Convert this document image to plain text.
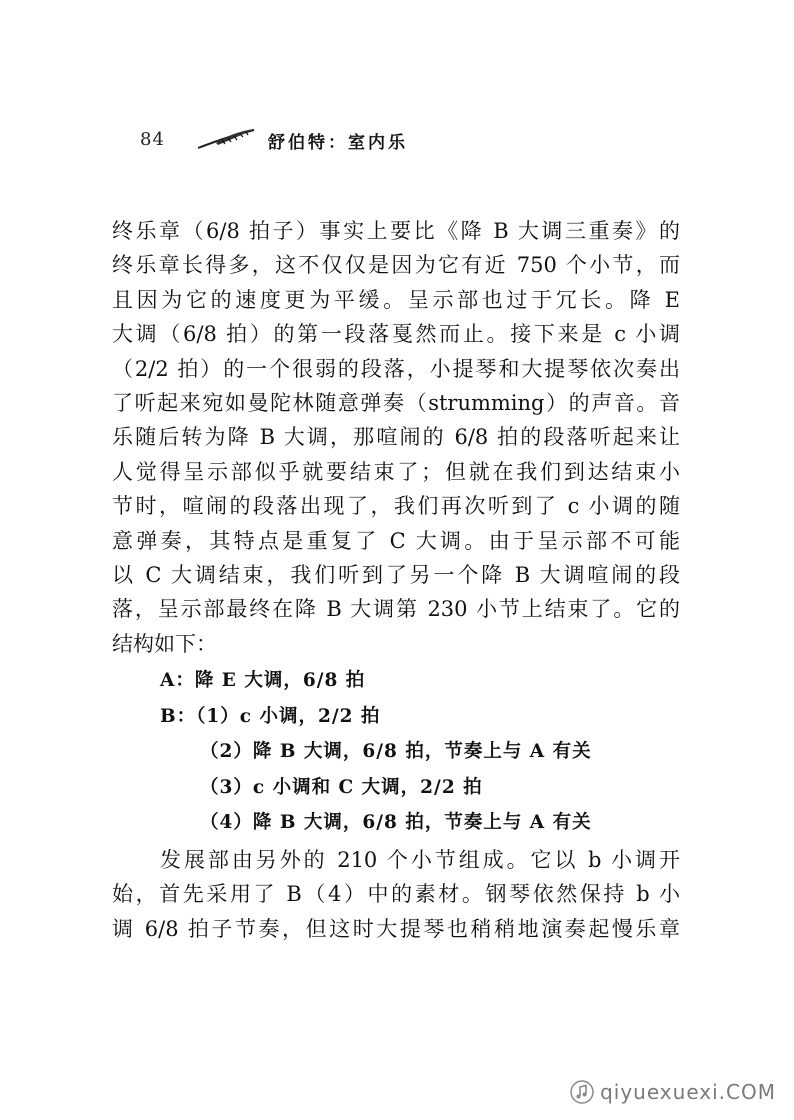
84	舒伯特：室内乐
终乐章（6/8 拍子）事实上要比《降 B 大调三重奏》的
终乐章长得多，这不仅仅是因为它有近 750 个小节，而
且因为它的速度更为平缓。呈示部也过于冗长。降 E
大调（6/8 拍）的第一段落戛然而止。接下来是 c 小调
（2/2 拍）的一个很弱的段落，小提琴和大提琴依次奏出
了听起来宛如曼陀林随意弹奏（strumming）的声音。音
乐随后转为降 B 大调，那喧闹的 6/8 拍的段落听起来让
人觉得呈示部似乎就要结束了；但就在我们到达结束小
节时，喧闹的段落出现了，我们再次听到了 c 小调的随
意弹奏，其特点是重复了 C 大调。由于呈示部不可能
以 C 大调结束，我们听到了另一个降 B 大调喧闹的段
落，呈示部最终在降 B 大调第 230 小节上结束了。它的
结构如下：
A：降 E 大调，6/8 拍
B：（1）c 小调，2/2 拍
（2）降 B 大调，6/8 拍，节奏上与 A 有关
（3）c 小调和 C 大调，2/2 拍
（4）降 B 大调，6/8 拍，节奏上与 A 有关
发展部由另外的 210 个小节组成。它以 b 小调开
始，首先采用了 B（4）中的素材。钢琴依然保持 b 小
调 6/8 拍子节奏，但这时大提琴也稍稍地演奏起慢乐章
qiyuexuexi.COM
